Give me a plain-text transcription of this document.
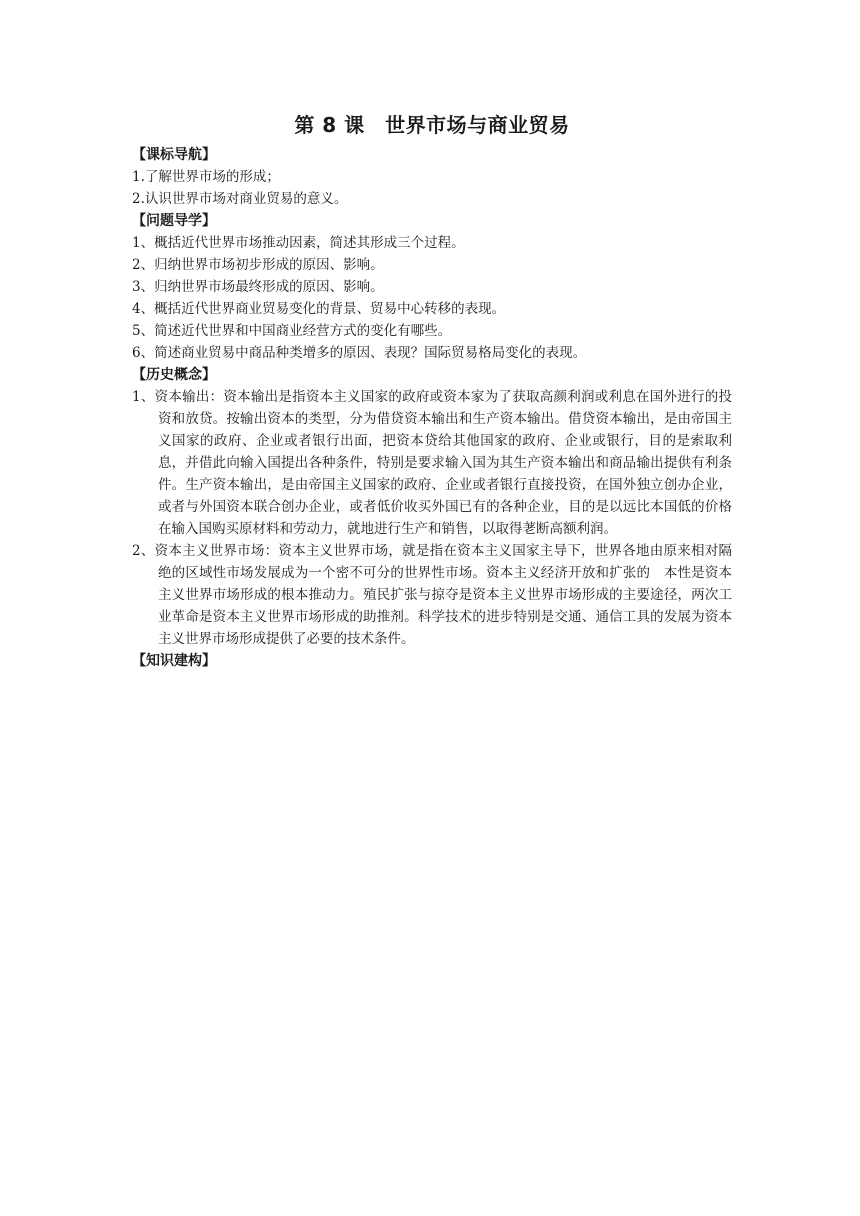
第 8 课　世界市场与商业贸易
【课标导航】
1.了解世界市场的形成；
2.认识世界市场对商业贸易的意义。
【问题导学】
1、概括近代世界市场推动因素，简述其形成三个过程。
2、归纳世界市场初步形成的原因、影响。
3、归纳世界市场最终形成的原因、影响。
4、概括近代世界商业贸易变化的背景、贸易中心转移的表现。
5、简述近代世界和中国商业经营方式的变化有哪些。
6、简述商业贸易中商品种类增多的原因、表现？国际贸易格局变化的表现。
【历史概念】
1、资本输出：资本输出是指资本主义国家的政府或资本家为了获取高颜利润或利息在国外进行的投资和放贷。按输出资本的类型，分为借贷资本输出和生产资本输出。借贷资本输出，是由帝国主义国家的政府、企业或者银行出面，把资本贷给其他国家的政府、企业或银行，目的是索取利息，并借此向输入国提出各种条件，特别是要求输入国为其生产资本输出和商品输出提供有利条件。生产资本输出，是由帝国主义国家的政府、企业或者银行直接投资，在国外独立创办企业，或者与外国资本联合创办企业，或者低价收买外国已有的各种企业，目的是以远比本国低的价格在输入国购买原材料和劳动力，就地进行生产和销售，以取得荖断高额利润。
2、资本主义世界市场：资本主义世界市场，就是指在资本主义国家主导下，世界各地由原来相对隔绝的区域性市场发展成为一个密不可分的世界性市场。资本主义经济开放和扩张的　本性是资本主义世界市场形成的根本推动力。殖民扩张与掠夺是资本主义世界市场形成的主要途径，两次工业革命是资本主义世界市场形成的助推剂。科学技术的进步特别是交通、通信工具的发展为资本主义世界市场形成提供了必要的技术条件。
【知识建构】
